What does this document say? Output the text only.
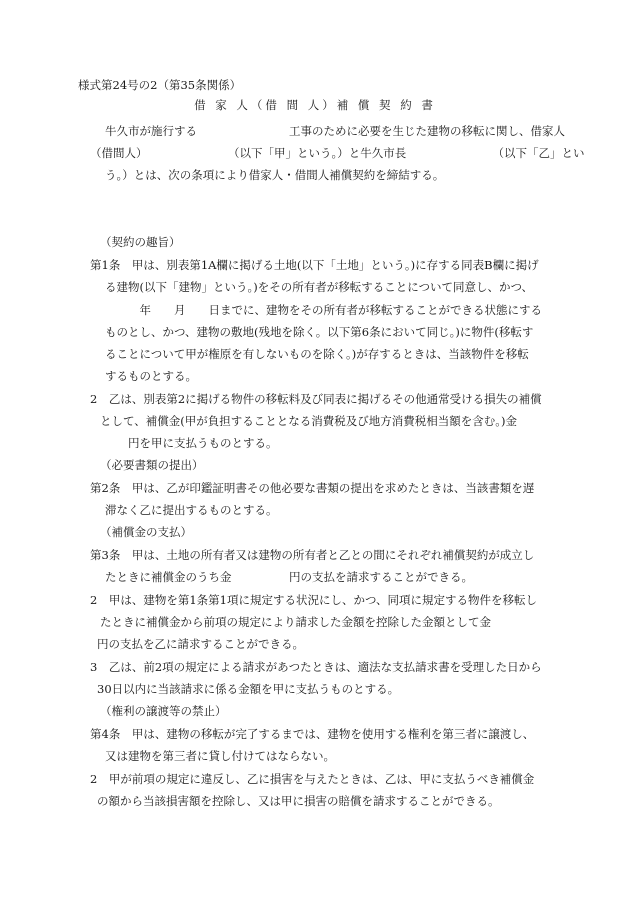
様式第24号の2（第35条関係）
借 家 人（借 間 人）補 償 契 約 書
牛久市が施行する　　　　　　　　工事のために必要を生じた建物の移転に関し、借家人
（借間人）　　　　　　　　（以下「甲」という。）と牛久市長　　　　　　　　（以下「乙」とい
う。）とは、次の条項により借家人・借間人補償契約を締結する。
（契約の趣旨）
第1条　甲は、別表第1A欄に掲げる土地(以下「土地」という。)に存する同表B欄に掲げ
る建物(以下「建物」という。)をその所有者が移転することについて同意し、かつ、
　　　年　　月　　日までに、建物をその所有者が移転することができる状態にする
ものとし、かつ、建物の敷地(残地を除く。以下第6条において同じ。)に物件(移転す
ることについて甲が権原を有しないものを除く。)が存するときは、当該物件を移転
するものとする。
2　乙は、別表第2に掲げる物件の移転料及び同表に掲げるその他通常受ける損失の補償
として、補償金(甲が負担することとなる消費税及び地方消費税相当額を含む。)金
　　円を甲に支払うものとする。
（必要書類の提出）
第2条　甲は、乙が印鑑証明書その他必要な書類の提出を求めたときは、当該書類を遅
滞なく乙に提出するものとする。
（補償金の支払）
第3条　甲は、土地の所有者又は建物の所有者と乙との間にそれぞれ補償契約が成立し
たときに補償金のうち金　　　　　円の支払を請求することができる。
2　甲は、建物を第1条第1項に規定する状況にし、かつ、同項に規定する物件を移転し
たときに補償金から前項の規定により請求した金額を控除した金額として金
円の支払を乙に請求することができる。
3　乙は、前2項の規定による請求があつたときは、適法な支払請求書を受理した日から
30日以内に当該請求に係る金額を甲に支払うものとする。
（権利の譲渡等の禁止）
第4条　甲は、建物の移転が完了するまでは、建物を使用する権利を第三者に譲渡し、
又は建物を第三者に貸し付けてはならない。
2　甲が前項の規定に違反し、乙に損害を与えたときは、乙は、甲に支払うべき補償金
の額から当該損害額を控除し、又は甲に損害の賠償を請求することができる。
